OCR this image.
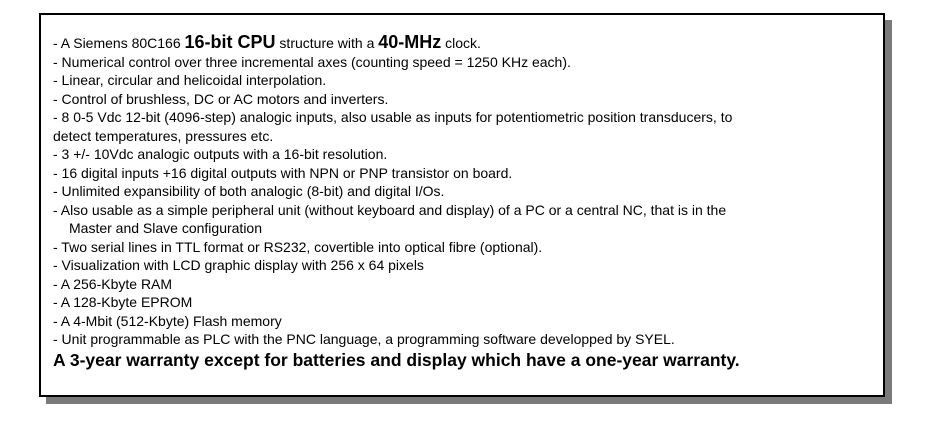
- A Siemens 80C166 16-bit CPU structure with a 40-MHz clock.
- Numerical control over three incremental axes (counting speed = 1250 KHz each).
- Linear, circular and helicoidal interpolation.
- Control of brushless, DC or AC motors and inverters.
- 8 0-5 Vdc 12-bit (4096-step) analogic inputs, also usable as inputs for potentiometric position transducers, to
detect temperatures, pressures etc.
- 3 +/- 10Vdc analogic outputs with a 16-bit resolution.
- 16 digital inputs +16 digital outputs with NPN or PNP transistor on board.
- Unlimited expansibility of both analogic (8-bit) and digital I/Os.
- Also usable as a simple peripheral unit (without keyboard and display) of a PC or a central NC, that is in the
Master and Slave configuration
- Two serial lines in TTL format or RS232, covertible into optical fibre (optional).
- Visualization with LCD graphic display with 256 x 64 pixels
- A 256-Kbyte RAM
- A 128-Kbyte EPROM
- A 4-Mbit (512-Kbyte) Flash memory
- Unit programmable as PLC with the PNC language, a programming software developped by SYEL.
A 3-year warranty except for batteries and display which have a one-year warranty.
